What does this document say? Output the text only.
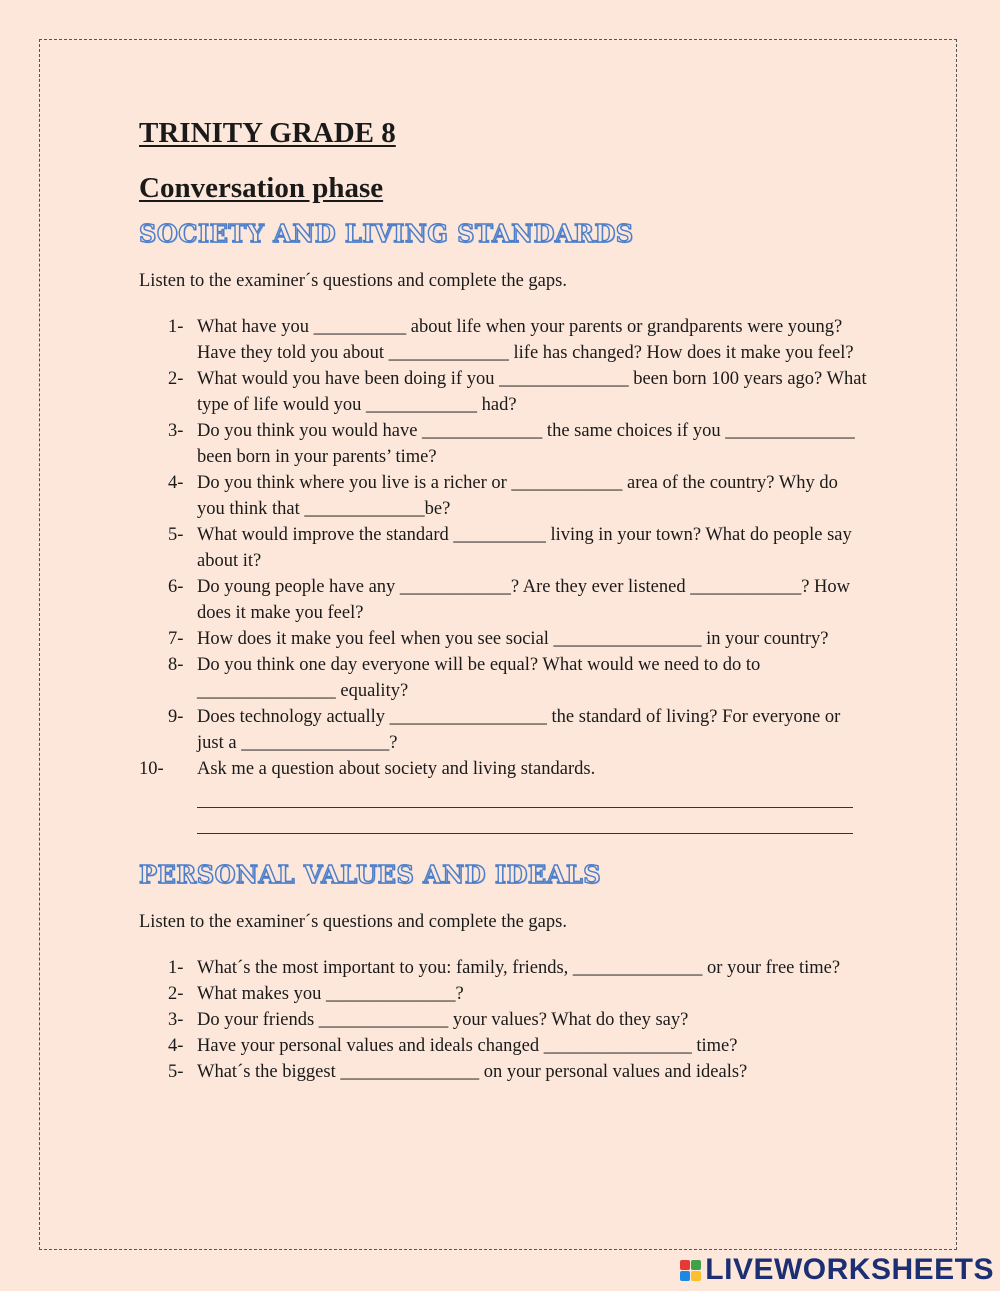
TRINITY GRADE 8
Conversation phase
SOCIETY AND LIVING STANDARDS

Listen to the examiner´s questions and complete the gaps.

1- What have you __________ about life when your parents or grandparents were young? Have they told you about _____________ life has changed? How does it make you feel?
2- What would you have been doing if you ______________ been born 100 years ago? What type of life would you ____________ had?
3- Do you think you would have _____________ the same choices if you ______________ been born in your parents’ time?
4- Do you think where you live is a richer or ____________ area of the country? Why do you think that _____________be?
5- What would improve the standard __________ living in your town? What do people say about it?
6- Do young people have any ____________? Are they ever listened ____________? How does it make you feel?
7- How does it make you feel when you see social ________________ in your country?
8- Do you think one day everyone will be equal? What would we need to do to _______________ equality?
9- Does technology actually _________________ the standard of living? For everyone or just a ________________?
10- Ask me a question about society and living standards.
PERSONAL VALUES AND IDEALS

Listen to the examiner´s questions and complete the gaps.

1- What´s the most important to you: family, friends, ______________ or your free time?
2- What makes you ______________?
3- Do your friends ______________ your values? What do they say?
4- Have your personal values and ideals changed ________________ time?
5- What´s the biggest _______________ on your personal values and ideals?
LIVEWORKSHEETS
